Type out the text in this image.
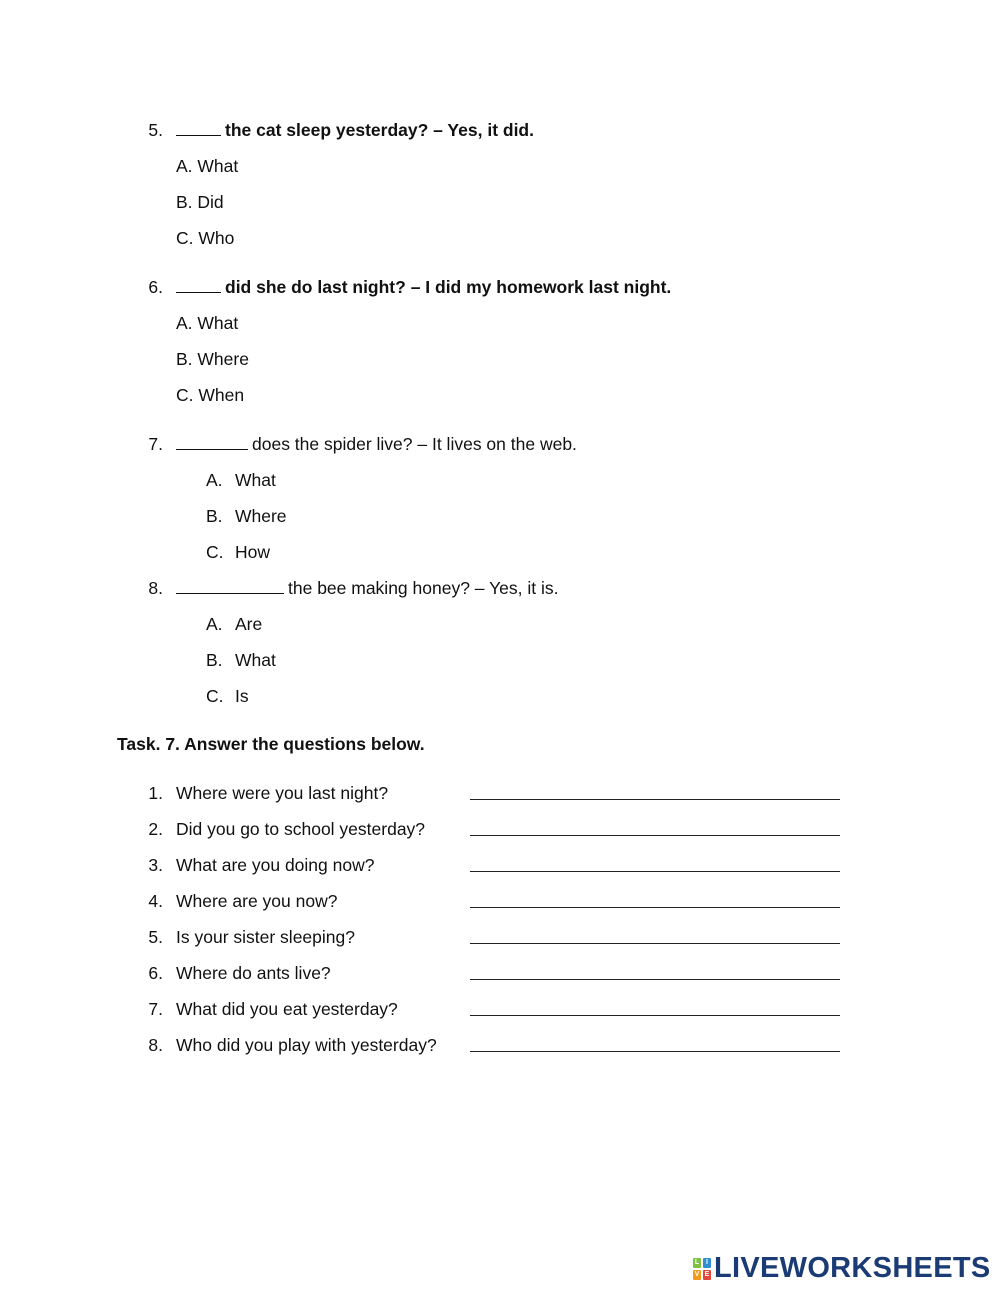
5.	the cat sleep yesterday? – Yes, it did.
A. What
B. Did
C. Who
6.	did she do last night? – I did my homework last night.
A. What
B. Where
C. When
7.	does the spider live? – It lives on the web.
A. What
B. Where
C. How
8.	the bee making honey? – Yes, it is.
A. Are
B. What
C. Is
Task. 7. Answer the questions below.
1. Where were you last night?
2. Did you go to school yesterday?
3. What are you doing now?
4. Where are you now?
5. Is your sister sleeping?
6. Where do ants live?
7. What did you eat yesterday?
8. Who did you play with yesterday?
L I
V E LIVEWORKSHEETS
